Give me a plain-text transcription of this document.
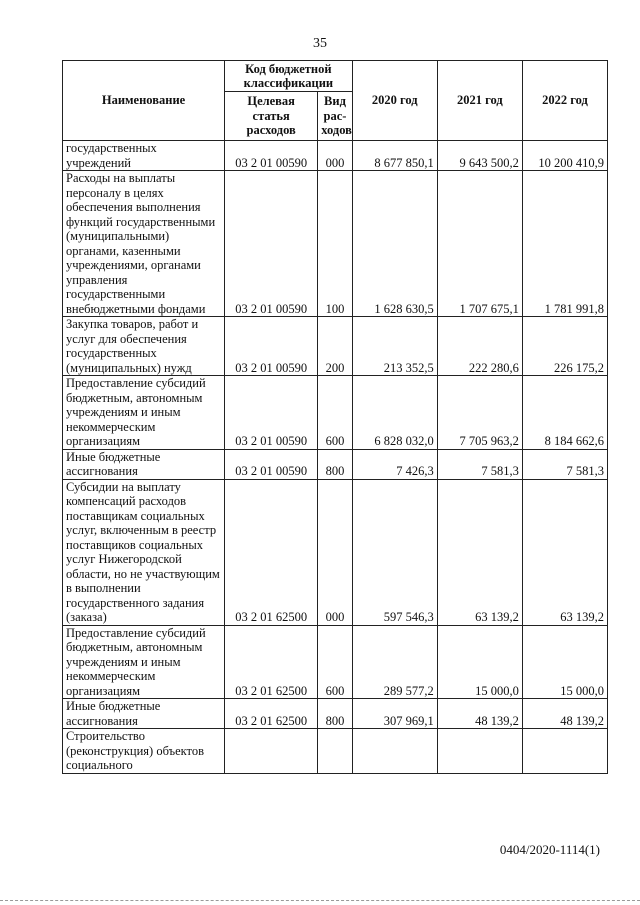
35
Наименование	Код бюджетной классификации		2020 год	2021 год	2022 год
	Целевая статья расходов	Вид рас-ходов			
государственных учреждений	03 2 01 00590	000	8 677 850,1	9 643 500,2	10 200 410,9
Расходы на выплаты персоналу в целях обеспечения выполнения функций государственными (муниципальными) органами, казенными учреждениями, органами управления государственными внебюджетными фондами	03 2 01 00590	100	1 628 630,5	1 707 675,1	1 781 991,8
Закупка товаров, работ и услуг для обеспечения государственных (муниципальных) нужд	03 2 01 00590	200	213 352,5	222 280,6	226 175,2
Предоставление субсидий бюджетным, автономным учреждениям и иным некоммерческим организациям	03 2 01 00590	600	6 828 032,0	7 705 963,2	8 184 662,6
Иные бюджетные ассигнования	03 2 01 00590	800	7 426,3	7 581,3	7 581,3
Субсидии на выплату компенсаций расходов поставщикам социальных услуг, включенным в реестр поставщиков социальных услуг Нижегородской области, но не участвующим в выполнении государственного задания (заказа)	03 2 01 62500	000	597 546,3	63 139,2	63 139,2
Предоставление субсидий бюджетным, автономным учреждениям и иным некоммерческим организациям	03 2 01 62500	600	289 577,2	15 000,0	15 000,0
Иные бюджетные ассигнования	03 2 01 62500	800	307 969,1	48 139,2	48 139,2
Строительство (реконструкция) объектов социального					
0404/2020-1114(1)
